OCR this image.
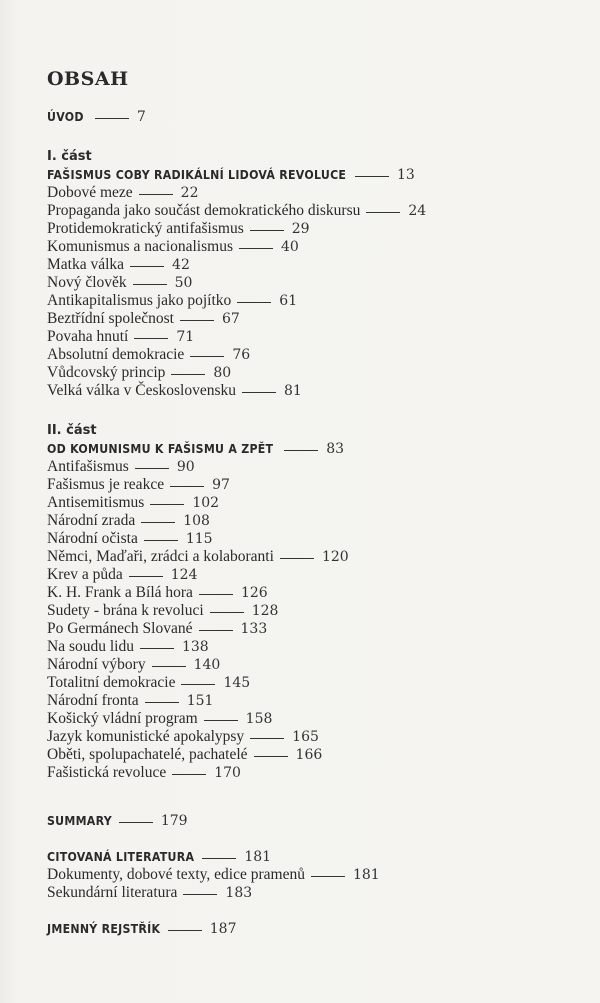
OBSAH
ÚVOD	7
I. část
FAŠISMUS COBY RADIKÁLNÍ LIDOVÁ REVOLUCE	13
Dobové meze	22
Propaganda jako součást demokratického diskursu	24
Protidemokratický antifašismus	29
Komunismus a nacionalismus	40
Matka válka	42
Nový člověk	50
Antikapitalismus jako pojítko	61
Beztřídní společnost	67
Povaha hnutí	71
Absolutní demokracie	76
Vůdcovský princip	80
Velká válka v Československu	81
II. část
OD KOMUNISMU K FAŠISMU A ZPĚT	83
Antifašismus	90
Fašismus je reakce	97
Antisemitismus	102
Národní zrada	108
Národní očista	115
Němci, Maďaři, zrádci a kolaboranti	120
Krev a půda	124
K. H. Frank a Bílá hora	126
Sudety - brána k revoluci	128
Po Germánech Slované	133
Na soudu lidu	138
Národní výbory	140
Totalitní demokracie	145
Národní fronta	151
Košický vládní program	158
Jazyk komunistické apokalypsy	165
Oběti, spolupachatelé, pachatelé	166
Fašistická revoluce	170
SUMMARY	179
CITOVANÁ LITERATURA	181
Dokumenty, dobové texty, edice pramenů	181
Sekundární literatura	183
JMENNÝ REJSTŘÍK	187
